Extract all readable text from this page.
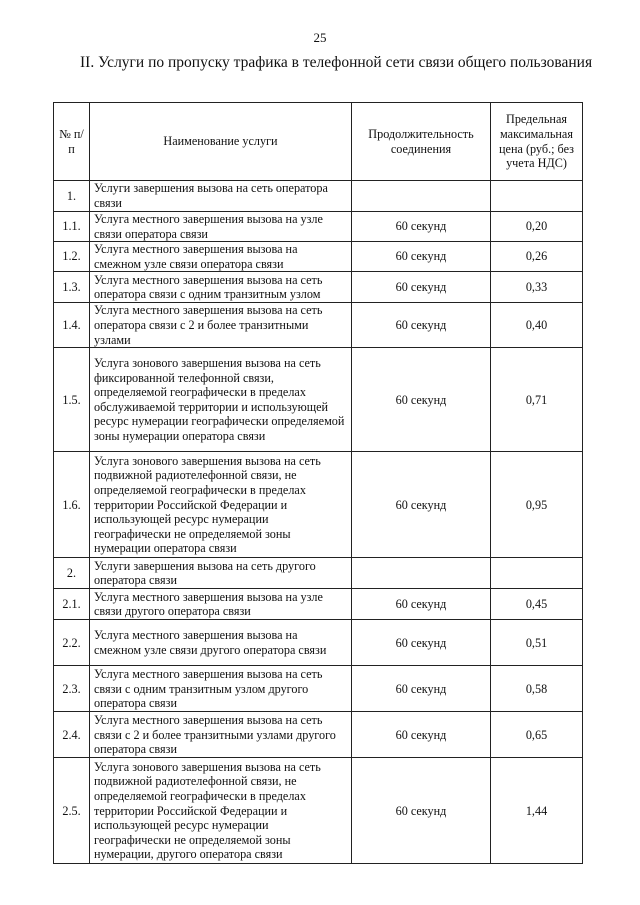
25
II. Услуги по пропуску трафика в телефонной сети связи общего пользования
№ п/п	Наименование услуги	Продолжительность соединения	Предельная максимальная цена (руб.; без учета НДС)
1.	Услуги завершения вызова на сеть оператора связи		
1.1.	Услуга местного завершения вызова на узле связи оператора связи	60 секунд	0,20
1.2.	Услуга местного завершения вызова на смежном узле связи оператора связи	60 секунд	0,26
1.3.	Услуга местного завершения вызова на сеть оператора связи с одним транзитным узлом	60 секунд	0,33
1.4.	Услуга местного завершения вызова на сеть оператора связи с 2 и более транзитными узлами	60 секунд	0,40
1.5.	Услуга зонового завершения вызова на сеть фиксированной телефонной связи, определяемой географически в пределах обслуживаемой территории и использующей ресурс нумерации географически определяемой зоны нумерации оператора связи	60 секунд	0,71
1.6.	Услуга зонового завершения вызова на сеть подвижной радиотелефонной связи, не определяемой географически в пределах территории Российской Федерации и использующей ресурс нумерации географически не определяемой зоны нумерации оператора связи	60 секунд	0,95
2.	Услуги завершения вызова на сеть другого оператора связи		
2.1.	Услуга местного завершения вызова на узле связи другого оператора связи	60 секунд	0,45
2.2.	Услуга местного завершения вызова на смежном узле связи другого оператора связи	60 секунд	0,51
2.3.	Услуга местного завершения вызова на сеть связи с одним транзитным узлом другого оператора связи	60 секунд	0,58
2.4.	Услуга местного завершения вызова на сеть связи с 2 и более транзитными узлами другого оператора связи	60 секунд	0,65
2.5.	Услуга зонового завершения вызова на сеть подвижной радиотелефонной связи, не определяемой географически в пределах территории Российской Федерации и использующей ресурс нумерации географически не определяемой зоны нумерации, другого оператора связи	60 секунд	1,44
